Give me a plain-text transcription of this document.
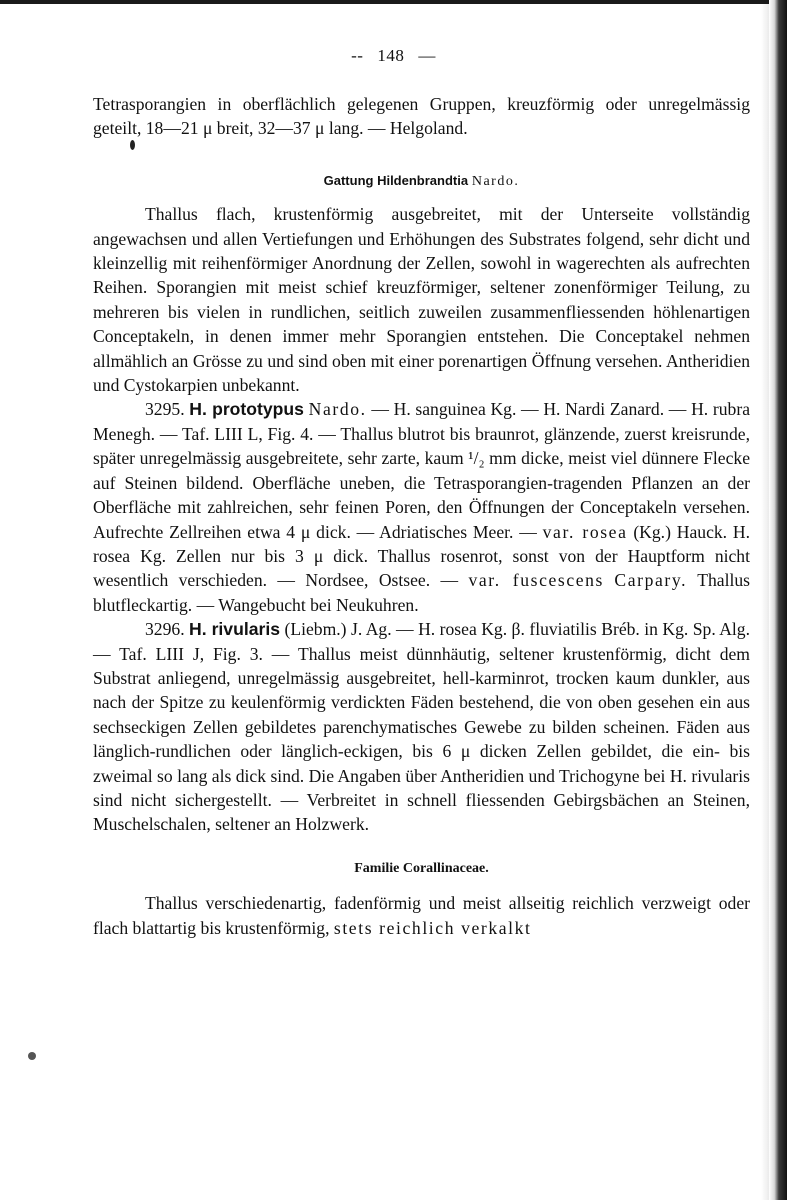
-- 148 —

Tetrasporangien in oberflächlich gelegenen Gruppen, kreuzförmig oder unregelmässig geteilt, 18—21 μ breit, 32—37 μ lang. — Helgoland.

Gattung Hildenbrandtia Nardo.

Thallus flach, krustenförmig ausgebreitet, mit der Unterseite vollständig angewachsen und allen Vertiefungen und Erhöhungen des Substrates folgend, sehr dicht und kleinzellig mit reihenförmiger Anordnung der Zellen, sowohl in wagerechten als aufrechten Reihen. Sporangien mit meist schief kreuzförmiger, seltener zonenförmiger Teilung, zu mehreren bis vielen in rundlichen, seitlich zuweilen zusammenfliessenden höhlenartigen Conceptakeln, in denen immer mehr Sporangien entstehen. Die Conceptakel nehmen allmählich an Grösse zu und sind oben mit einer porenartigen Öffnung versehen. Antheridien und Cystokarpien unbekannt.

3295. H. prototypus Nardo. — H. sanguinea Kg. — H. Nardi Zanard. — H. rubra Menegh. — Taf. LIII L, Fig. 4. — Thallus blutrot bis braunrot, glänzende, zuerst kreisrunde, später unregelmässig ausgebreitete, sehr zarte, kaum ¹/₂ mm dicke, meist viel dünnere Flecke auf Steinen bildend. Oberfläche uneben, die Tetrasporangien-tragenden Pflanzen an der Oberfläche mit zahlreichen, sehr feinen Poren, den Öffnungen der Conceptakeln versehen. Aufrechte Zellreihen etwa 4 μ dick. — Adriatisches Meer. — var. rosea (Kg.) Hauck. H. rosea Kg. Zellen nur bis 3 μ dick. Thallus rosenrot, sonst von der Hauptform nicht wesentlich verschieden. — Nordsee, Ostsee. — var. fuscescens Carpary. Thallus blutfleckartig. — Wangebucht bei Neukuhren.

3296. H. rivularis (Liebm.) J. Ag. — H. rosea Kg. β. fluviatilis Bréb. in Kg. Sp. Alg. — Taf. LIII J, Fig. 3. — Thallus meist dünnhäutig, seltener krustenförmig, dicht dem Substrat anliegend, unregelmässig ausgebreitet, hell-karminrot, trocken kaum dunkler, aus nach der Spitze zu keulenförmig verdickten Fäden bestehend, die von oben gesehen ein aus sechseckigen Zellen gebildetes parenchymatisches Gewebe zu bilden scheinen. Fäden aus länglich-rundlichen oder länglich-eckigen, bis 6 μ dicken Zellen gebildet, die ein- bis zweimal so lang als dick sind. Die Angaben über Antheridien und Trichogyne bei H. rivularis sind nicht sichergestellt. — Verbreitet in schnell fliessenden Gebirgsbächen an Steinen, Muschelschalen, seltener an Holzwerk.

Familie Corallinaceae.

Thallus verschiedenartig, fadenförmig und meist allseitig reichlich verzweigt oder flach blattartig bis krustenförmig, stets reichlich verkalkt
